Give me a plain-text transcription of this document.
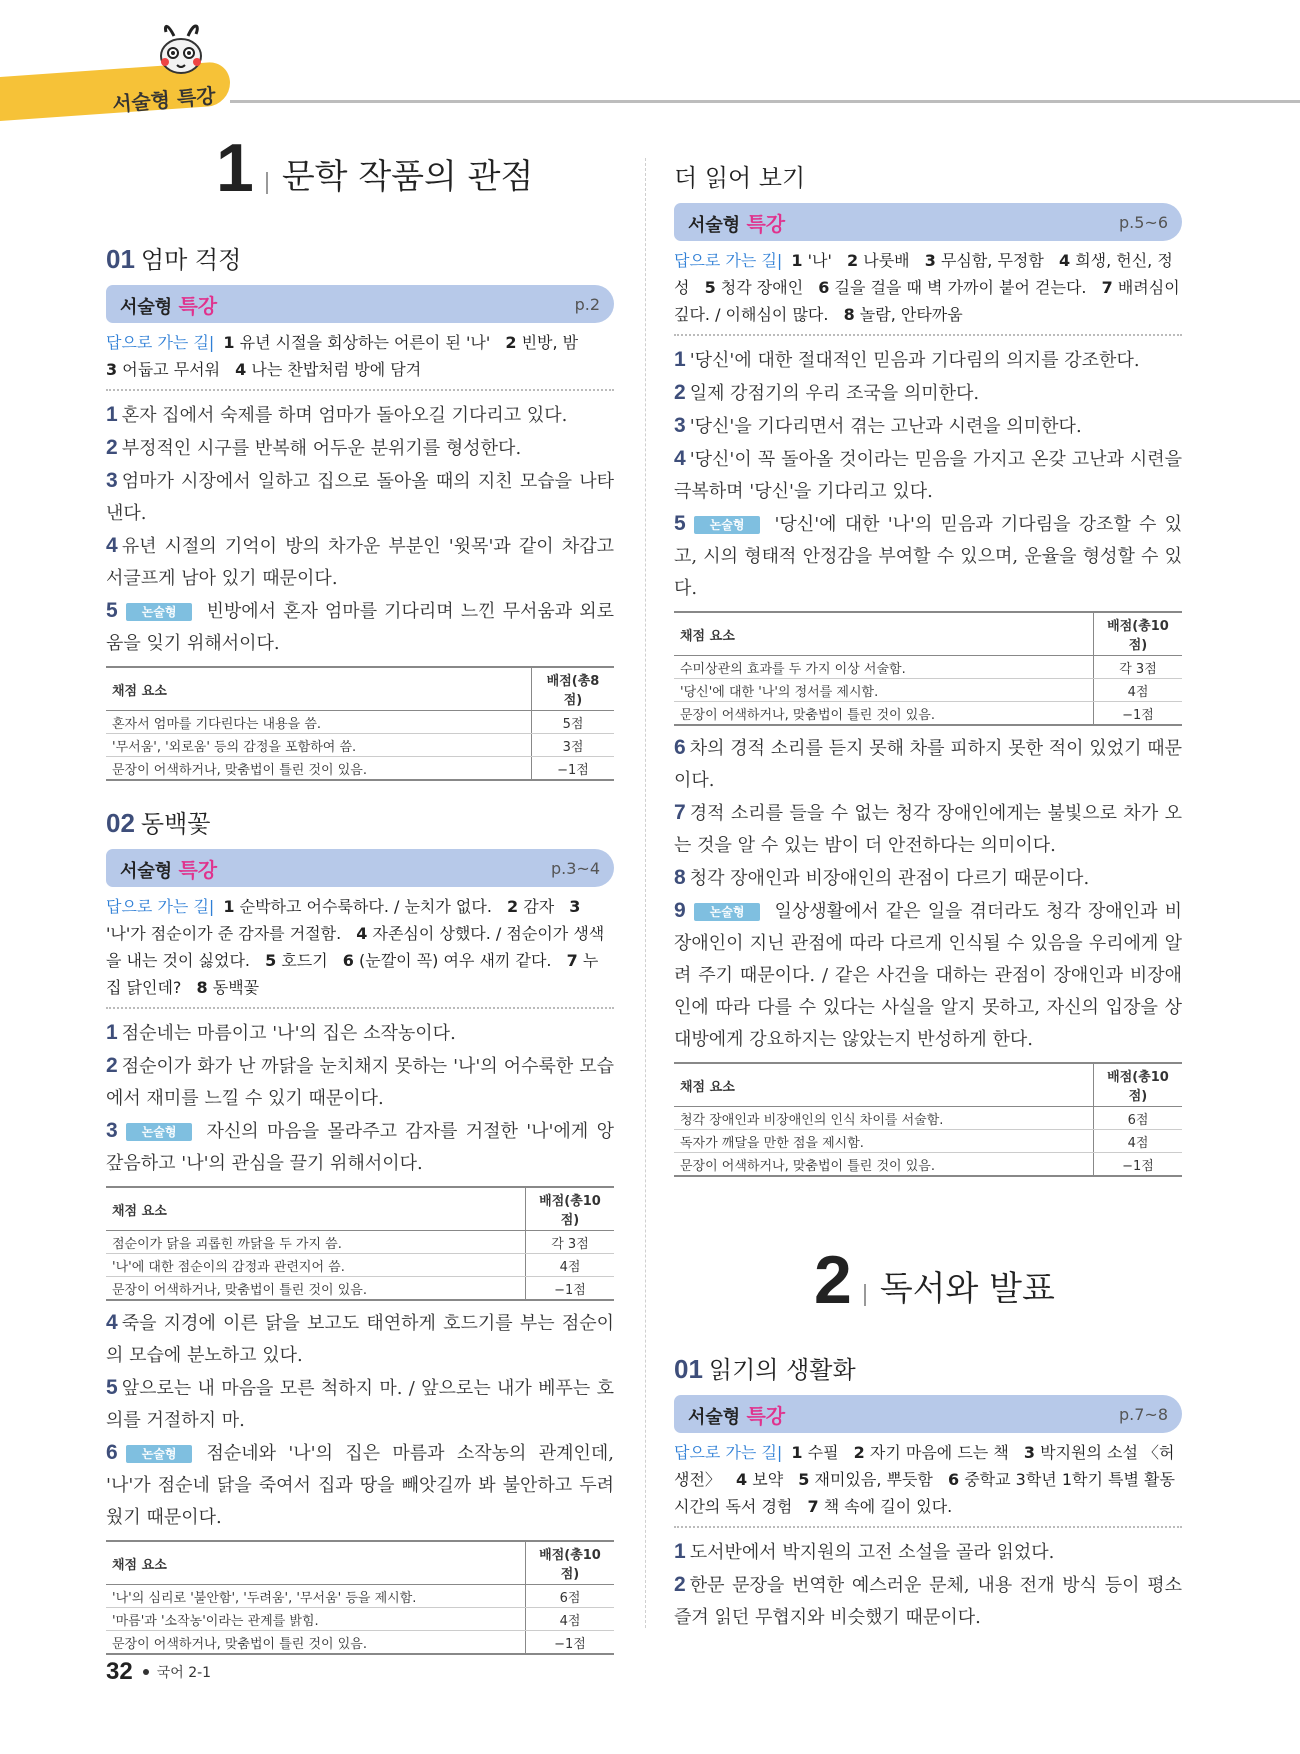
서술형 특강
1 문학 작품의 관점
01 엄마 걱정
서술형 특강	p.2
답으로 가는 길| 1 유년 시절을 회상하는 어른이 된 '나' 2 빈방, 밤
3 어둡고 무서워 4 나는 찬밥처럼 방에 담겨
1 혼자 집에서 숙제를 하며 엄마가 돌아오길 기다리고 있다.
2 부정적인 시구를 반복해 어두운 분위기를 형성한다.
3 엄마가 시장에서 일하고 집으로 돌아올 때의 지친 모습을 나타낸다.
4 유년 시절의 기억이 방의 차가운 부분인 '윗목'과 같이 차갑고 서글프게 남아 있기 때문이다.
5 논술형 빈방에서 혼자 엄마를 기다리며 느낀 무서움과 외로움을 잊기 위해서이다.
채점 요소	배점(총8점)
혼자서 엄마를 기다린다는 내용을 씀.	5점
'무서움', '외로움' 등의 감정을 포함하여 씀.	3점
문장이 어색하거나, 맞춤법이 틀린 것이 있음.	−1점
02 동백꽃
서술형 특강	p.3~4
답으로 가는 길| 1 순박하고 어수룩하다. / 눈치가 없다. 2 감자 3 '나'가 점순이가 준 감자를 거절함. 4 자존심이 상했다. / 점순이가 생색을 내는 것이 싫었다. 5 호드기 6 (눈깔이 꼭) 여우 새끼 같다. 7 누 집 닭인데? 8 동백꽃
1 점순네는 마름이고 '나'의 집은 소작농이다.
2 점순이가 화가 난 까닭을 눈치채지 못하는 '나'의 어수룩한 모습에서 재미를 느낄 수 있기 때문이다.
3 논술형 자신의 마음을 몰라주고 감자를 거절한 '나'에게 앙갚음하고 '나'의 관심을 끌기 위해서이다.
채점 요소	배점(총10점)
점순이가 닭을 괴롭힌 까닭을 두 가지 씀.	각 3점
'나'에 대한 점순이의 감정과 관련지어 씀.	4점
문장이 어색하거나, 맞춤법이 틀린 것이 있음.	−1점
4 죽을 지경에 이른 닭을 보고도 태연하게 호드기를 부는 점순이의 모습에 분노하고 있다.
5 앞으로는 내 마음을 모른 척하지 마. / 앞으로는 내가 베푸는 호의를 거절하지 마.
6 논술형 점순네와 '나'의 집은 마름과 소작농의 관계인데, '나'가 점순네 닭을 죽여서 집과 땅을 빼앗길까 봐 불안하고 두려웠기 때문이다.
채점 요소	배점(총10점)
'나'의 심리로 '불안함', '두려움', '무서움' 등을 제시함.	6점
'마름'과 '소작농'이라는 관계를 밝힘.	4점
문장이 어색하거나, 맞춤법이 틀린 것이 있음.	−1점
더 읽어 보기
서술형 특강	p.5~6
답으로 가는 길| 1 '나' 2 나룻배 3 무심함, 무정함 4 희생, 헌신, 정성 5 청각 장애인 6 길을 걸을 때 벽 가까이 붙어 걷는다. 7 배려심이 깊다. / 이해심이 많다. 8 놀람, 안타까움
1 '당신'에 대한 절대적인 믿음과 기다림의 의지를 강조한다.
2 일제 강점기의 우리 조국을 의미한다.
3 '당신'을 기다리면서 겪는 고난과 시련을 의미한다.
4 '당신'이 꼭 돌아올 것이라는 믿음을 가지고 온갖 고난과 시련을 극복하며 '당신'을 기다리고 있다.
5 논술형 '당신'에 대한 '나'의 믿음과 기다림을 강조할 수 있고, 시의 형태적 안정감을 부여할 수 있으며, 운율을 형성할 수 있다.
채점 요소	배점(총10점)
수미상관의 효과를 두 가지 이상 서술함.	각 3점
'당신'에 대한 '나'의 정서를 제시함.	4점
문장이 어색하거나, 맞춤법이 틀린 것이 있음.	−1점
6 차의 경적 소리를 듣지 못해 차를 피하지 못한 적이 있었기 때문이다.
7 경적 소리를 들을 수 없는 청각 장애인에게는 불빛으로 차가 오는 것을 알 수 있는 밤이 더 안전하다는 의미이다.
8 청각 장애인과 비장애인의 관점이 다르기 때문이다.
9 논술형 일상생활에서 같은 일을 겪더라도 청각 장애인과 비장애인이 지닌 관점에 따라 다르게 인식될 수 있음을 우리에게 알려 주기 때문이다. / 같은 사건을 대하는 관점이 장애인과 비장애인에 따라 다를 수 있다는 사실을 알지 못하고, 자신의 입장을 상대방에게 강요하지는 않았는지 반성하게 한다.
채점 요소	배점(총10점)
청각 장애인과 비장애인의 인식 차이를 서술함.	6점
독자가 깨달을 만한 점을 제시함.	4점
문장이 어색하거나, 맞춤법이 틀린 것이 있음.	−1점
2 독서와 발표
01 읽기의 생활화
서술형 특강	p.7~8
답으로 가는 길| 1 수필 2 자기 마음에 드는 책 3 박지원의 소설 〈허생전〉 4 보약 5 재미있음, 뿌듯함 6 중학교 3학년 1학기 특별 활동 시간의 독서 경험 7 책 속에 길이 있다.
1 도서반에서 박지원의 고전 소설을 골라 읽었다.
2 한문 문장을 번역한 예스러운 문체, 내용 전개 방식 등이 평소 즐겨 읽던 무협지와 비슷했기 때문이다.
32 국어 2-1
